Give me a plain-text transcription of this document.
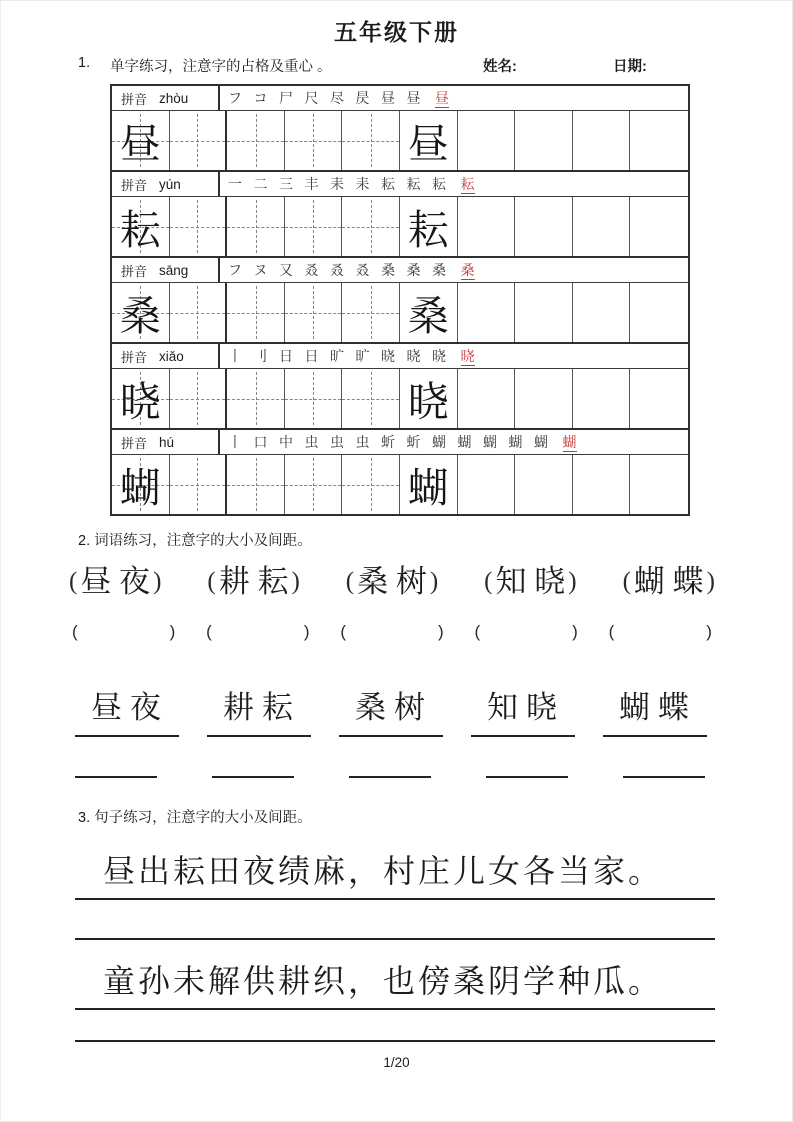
五年级下册
1. 单字练习，注意字的占格及重心 。	姓名:	日期:
拼音 zhòu	フ コ 尸 尺 尽 昃 昼 昼 昼
昼	昼
拼音 yún	一 二 三 丰 耒 耒 耘 耘 耘 耘
耘	耘
拼音 sāng	フ ヌ 又 叒 叒 叒 桑 桑 桑 桑
桑	桑
拼音 xiǎo	丨 刂 日 日 旷 旷 晓 晓 晓 晓
晓	晓
拼音 hú	丨 口 中 虫 虫 虫 蚚 蚚 蝴 蝴 蝴 蝴 蝴 蝴
蝴	蝴
2. 词语练习，注意字的大小及间距。
(昼 夜 ) (耕 耘 ) (桑 树 ) (知 晓 ) (蝴 蝶 )
(	) (	) (	) (	) (	)
昼夜	耕耘	桑树	知晓	蝴蝶
3. 句子练习，注意字的大小及间距。
昼出耘田夜绩麻，村庄儿女各当家。
童孙未解供耕织，也傍桑阴学种瓜。
1/20
